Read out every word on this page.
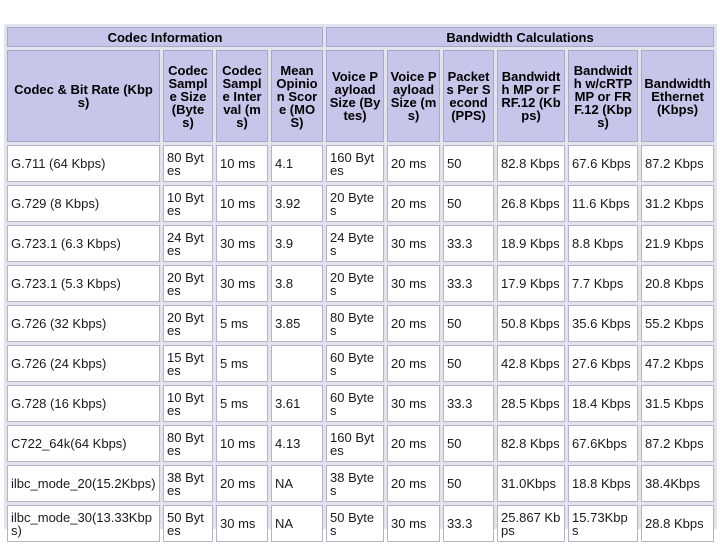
Codec Information				Bandwidth Calculations					
Codec & Bit Rate (Kbps)	Codec Sample Size (Bytes)	Codec Sample Interval (ms)	Mean Opinion Score (MOS)	Voice Payload Size (Bytes)	Voice Payload Size (ms)	Packets Per Second (PPS)	Bandwidth MP or FRF.12 (Kbps)	Bandwidth w/cRTP MP or FRF.12 (Kbps)	Bandwidth Ethernet (Kbps)
G.711 (64 Kbps)	80 Bytes	10 ms	4.1	160 Bytes	20 ms	50	82.8 Kbps	67.6 Kbps	87.2 Kbps
G.729 (8 Kbps)	10 Bytes	10 ms	3.92	20 Bytes	20 ms	50	26.8 Kbps	11.6 Kbps	31.2 Kbps
G.723.1 (6.3 Kbps)	24 Bytes	30 ms	3.9	24 Bytes	30 ms	33.3	18.9 Kbps	8.8 Kbps	21.9 Kbps
G.723.1 (5.3 Kbps)	20 Bytes	30 ms	3.8	20 Bytes	30 ms	33.3	17.9 Kbps	7.7 Kbps	20.8 Kbps
G.726 (32 Kbps)	20 Bytes	5 ms	3.85	80 Bytes	20 ms	50	50.8 Kbps	35.6 Kbps	55.2 Kbps
G.726 (24 Kbps)	15 Bytes	5 ms		60 Bytes	20 ms	50	42.8 Kbps	27.6 Kbps	47.2 Kbps
G.728 (16 Kbps)	10 Bytes	5 ms	3.61	60 Bytes	30 ms	33.3	28.5 Kbps	18.4 Kbps	31.5 Kbps
C722_64k(64 Kbps)	80 Bytes	10 ms	4.13	160 Bytes	20 ms	50	82.8 Kbps	67.6Kbps	87.2 Kbps
ilbc_mode_20(15.2Kbps)	38 Bytes	20 ms	NA	38 Bytes	20 ms	50	31.0Kbps	18.8 Kbps	38.4Kbps
ilbc_mode_30(13.33Kbps)	50 Bytes	30 ms	NA	50 Bytes	30 ms	33.3	25.867 Kbps	15.73Kbps	28.8 Kbps
